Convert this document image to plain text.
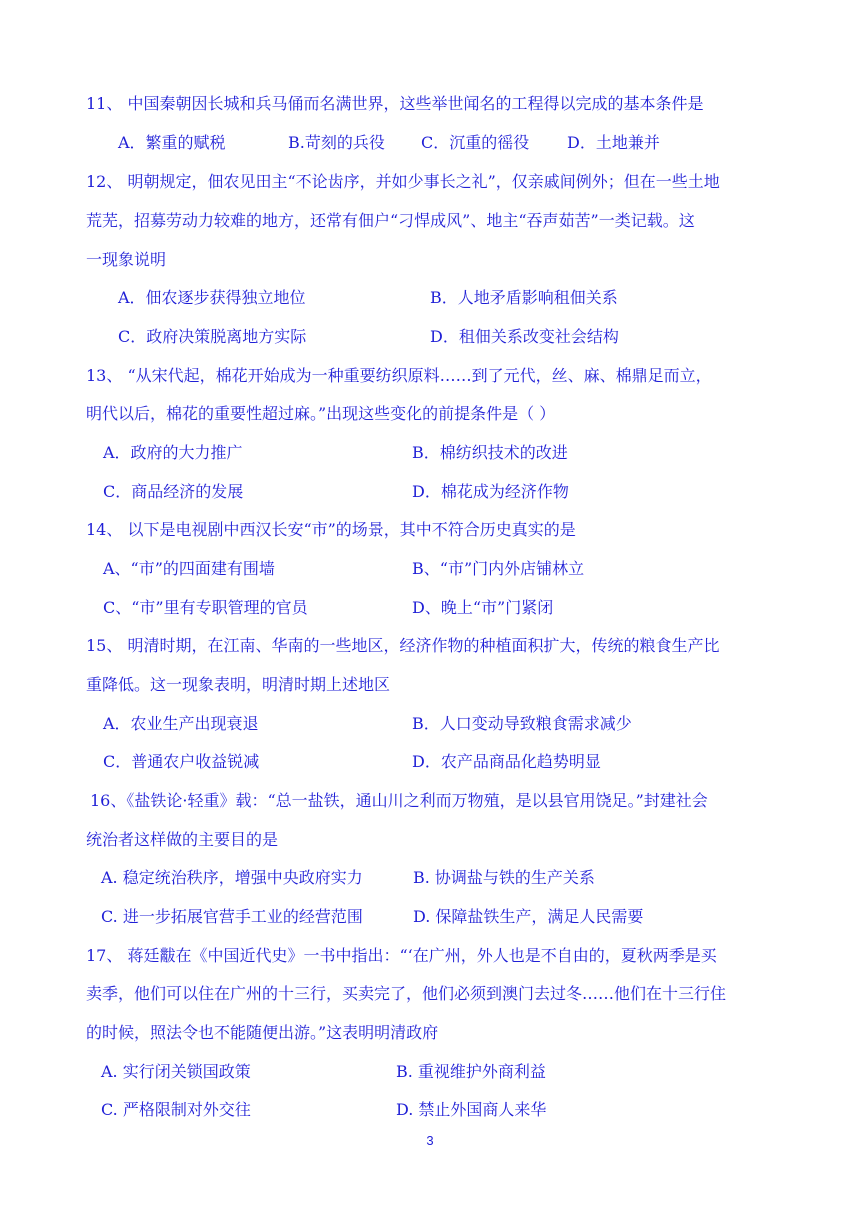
11、 中国秦朝因长城和兵马俑而名满世界，这些举世闻名的工程得以完成的基本条件是
A．繁重的赋税	B.苛刻的兵役 C．沉重的徭役 D．土地兼并
12、 明朝规定，佃农见田主“不论齿序，并如少事长之礼”，仅亲戚间例外；但在一些土地
荒芜，招募劳动力较难的地方，还常有佃户“刁悍成风”、地主“吞声茹苦”一类记载。这
一现象说明
A．佃农逐步获得独立地位	B．人地矛盾影响租佃关系
C．政府决策脱离地方实际	D．租佃关系改变社会结构
13、 “从宋代起，棉花开始成为一种重要纺织原料……到了元代，丝、麻、棉鼎足而立，
明代以后，棉花的重要性超过麻。”出现这些变化的前提条件是（ ）
A．政府的大力推广	B．棉纺织技术的改进
C．商品经济的发展	D．棉花成为经济作物
14、 以下是电视剧中西汉长安“市”的场景，其中不符合历史真实的是
A、“市”的四面建有围墙	B、“市”门内外店铺林立
C、“市”里有专职管理的官员	D、晚上“市”门紧闭
15、 明清时期，在江南、华南的一些地区，经济作物的种植面积扩大，传统的粮食生产比
重降低。这一现象表明，明清时期上述地区
A．农业生产出现衰退	B．人口变动导致粮食需求减少
C．普通农户收益锐减	D．农产品商品化趋势明显
16、《盐铁论·轻重》载：“总一盐铁，通山川之利而万物殖，是以县官用饶足。”封建社会
统治者这样做的主要目的是
A. 稳定统治秩序，增强中央政府实力	B. 协调盐与铁的生产关系
C. 进一步拓展官营手工业的经营范围	D. 保障盐铁生产，满足人民需要
17、 蒋廷黻在《中国近代史》一书中指出：“‘在广州，外人也是不自由的，夏秋两季是买
卖季，他们可以住在广州的十三行，买卖完了，他们必须到澳门去过冬……他们在十三行住
的时候，照法令也不能随便出游。”这表明明清政府
A. 实行闭关锁国政策	B. 重视维护外商利益
C. 严格限制对外交往	D. 禁止外国商人来华
3
